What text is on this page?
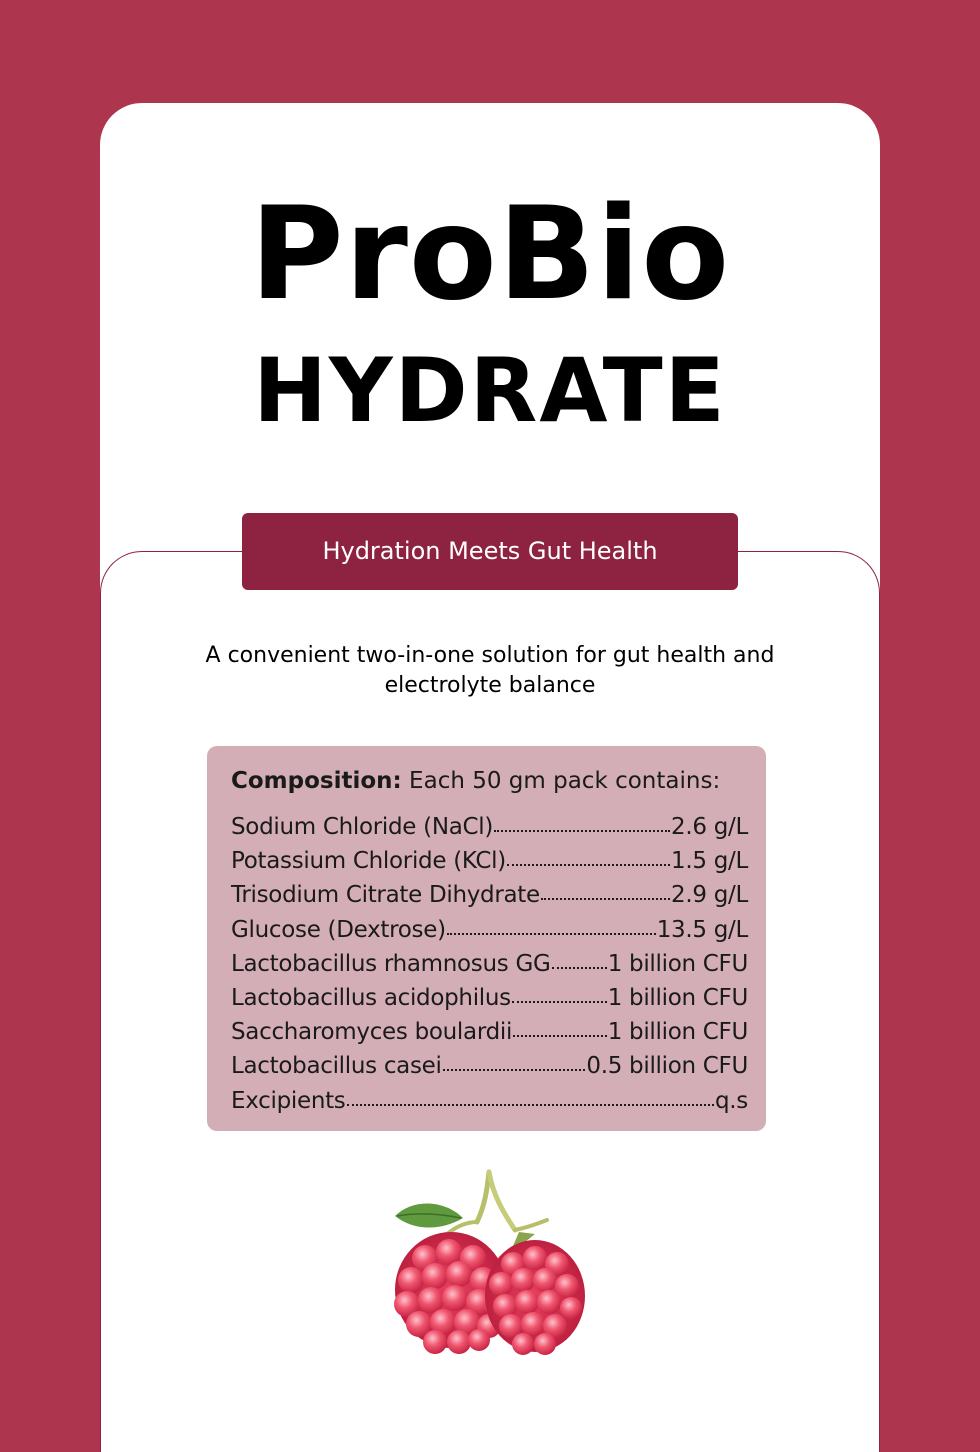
ProBio
HYDRATE
Hydration Meets Gut Health
A convenient two-in-one solution for gut health and electrolyte balance
Composition: Each 50 gm pack contains:
Sodium Chloride (NaCl)	2.6 g/L
Potassium Chloride (KCl)	1.5 g/L
Trisodium Citrate Dihydrate	2.9 g/L
Glucose (Dextrose)	13.5 g/L
Lactobacillus rhamnosus GG 1 billion CFU
Lactobacillus acidophilus	1 billion CFU
Saccharomyces boulardii	1 billion CFU
Lactobacillus casei	0.5 billion CFU
Excipients	q.s
